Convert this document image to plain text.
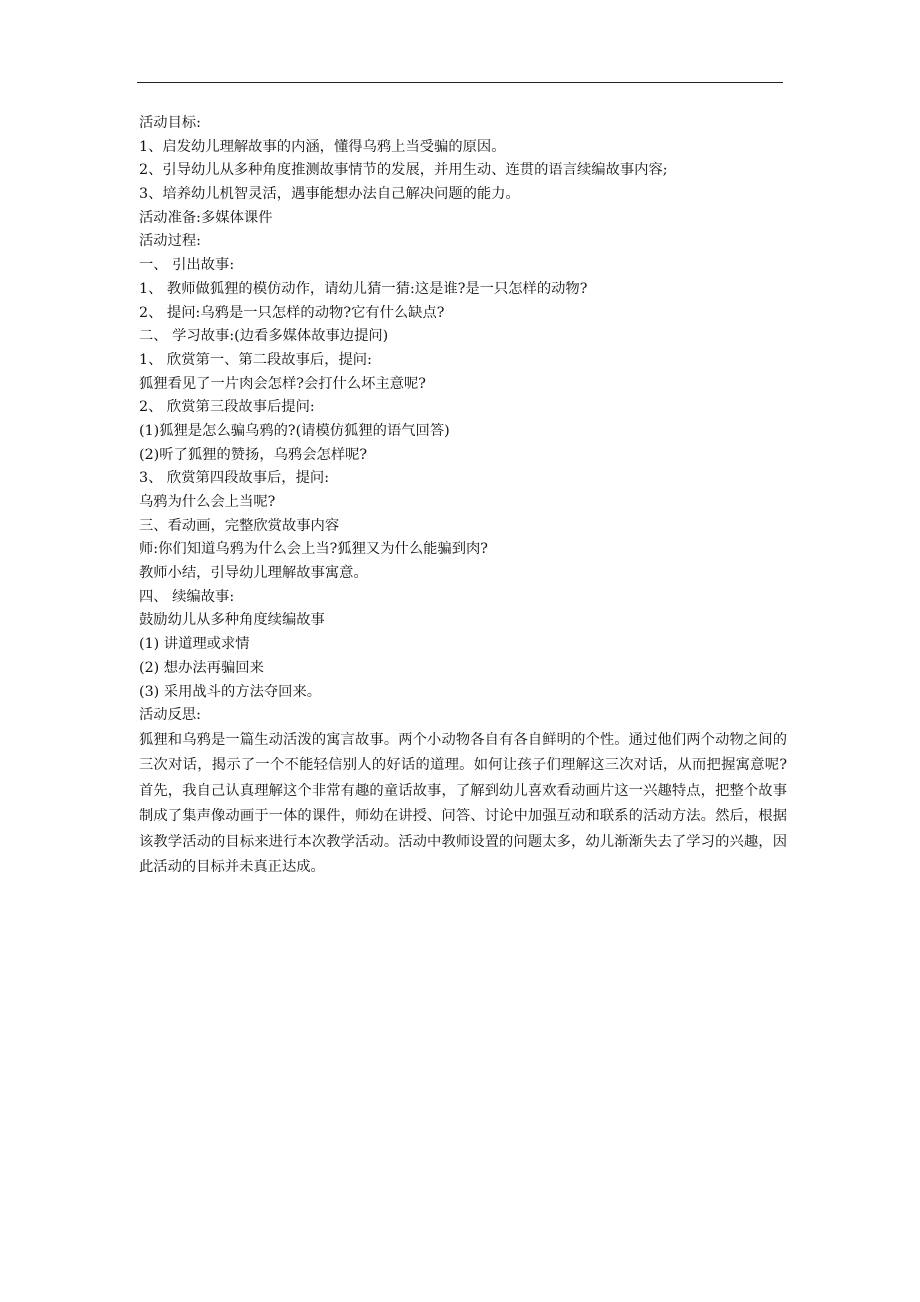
活动目标:
1、启发幼儿理解故事的内涵，懂得乌鸦上当受骗的原因。
2、引导幼儿从多种角度推测故事情节的发展，并用生动、连贯的语言续编故事内容;
3、培养幼儿机智灵活，遇事能想办法自己解决问题的能力。
活动准备:多媒体课件
活动过程:
一、 引出故事:
1、 教师做狐狸的模仿动作，请幼儿猜一猜:这是谁?是一只怎样的动物?
2、 提问:乌鸦是一只怎样的动物?它有什么缺点?
二、 学习故事:(边看多媒体故事边提问)
1、 欣赏第一、第二段故事后，提问:
狐狸看见了一片肉会怎样?会打什么坏主意呢?
2、 欣赏第三段故事后提问:
(1)狐狸是怎么骗乌鸦的?(请模仿狐狸的语气回答)
(2)听了狐狸的赞扬，乌鸦会怎样呢?
3、 欣赏第四段故事后，提问:
乌鸦为什么会上当呢?
三、看动画，完整欣赏故事内容
师:你们知道乌鸦为什么会上当?狐狸又为什么能骗到肉?
教师小结，引导幼儿理解故事寓意。
四、 续编故事:
鼓励幼儿从多种角度续编故事
(1) 讲道理或求情
(2) 想办法再骗回来
(3) 采用战斗的方法夺回来。
活动反思:
狐狸和乌鸦是一篇生动活泼的寓言故事。两个小动物各自有各自鲜明的个性。通过他们两个动物之间的三次对话，揭示了一个不能轻信别人的好话的道理。如何让孩子们理解这三次对话，从而把握寓意呢?首先，我自己认真理解这个非常有趣的童话故事，了解到幼儿喜欢看动画片这一兴趣特点，把整个故事制成了集声像动画于一体的课件，师幼在讲授、问答、讨论中加强互动和联系的活动方法。然后，根据该教学活动的目标来进行本次教学活动。活动中教师设置的问题太多，幼儿渐渐失去了学习的兴趣，因此活动的目标并未真正达成。
